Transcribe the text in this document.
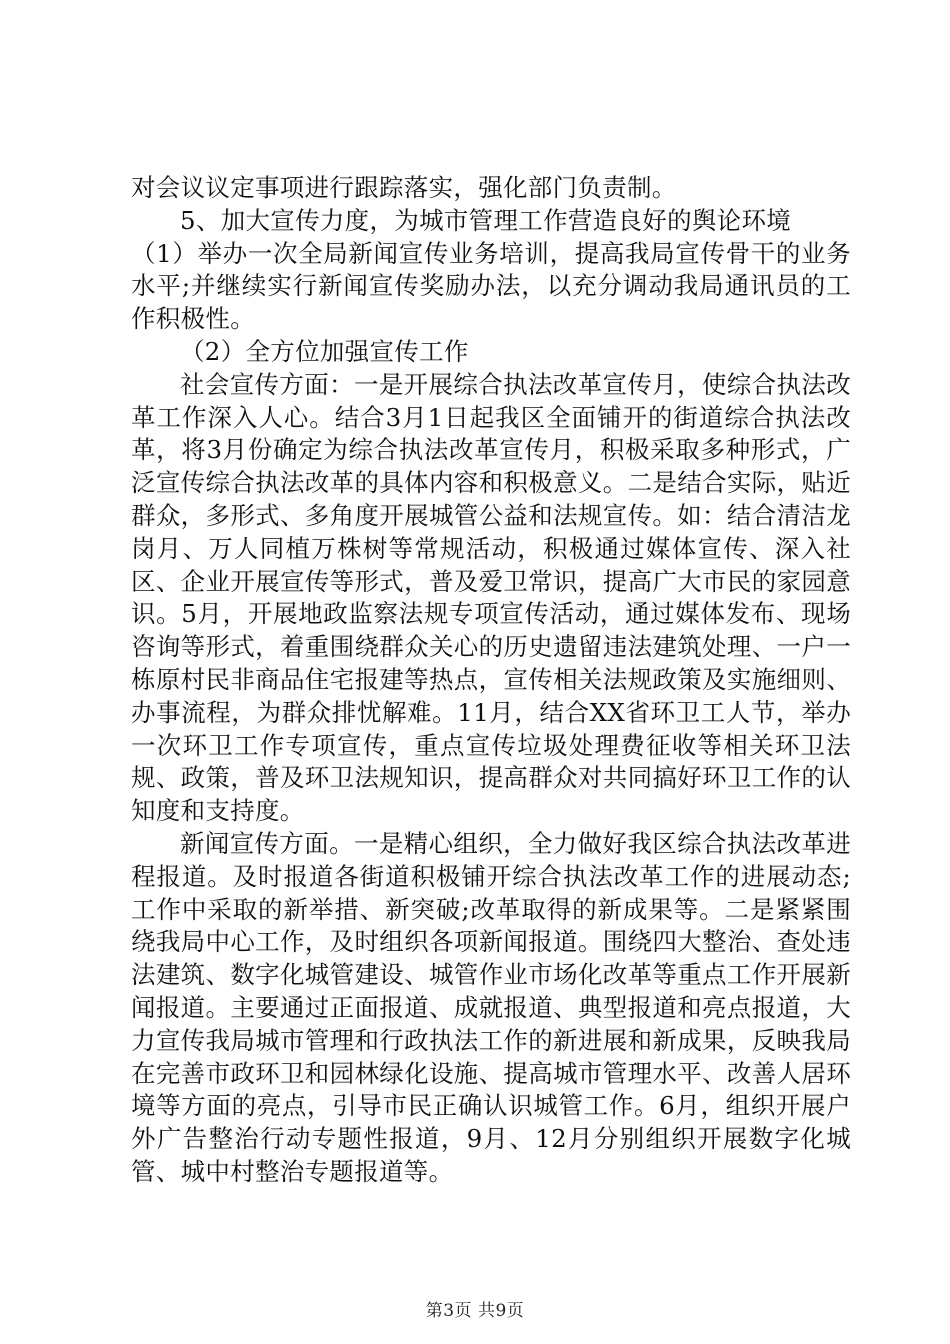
对会议议定事项进行跟踪落实，强化部门负责制。

5、加大宣传力度，为城市管理工作营造良好的舆论环境

（1）举办一次全局新闻宣传业务培训，提高我局宣传骨干的业务水平;并继续实行新闻宣传奖励办法，以充分调动我局通讯员的工作积极性。

（2）全方位加强宣传工作

社会宣传方面：一是开展综合执法改革宣传月，使综合执法改革工作深入人心。结合3月1日起我区全面铺开的街道综合执法改革，将3月份确定为综合执法改革宣传月，积极采取多种形式，广泛宣传综合执法改革的具体内容和积极意义。二是结合实际，贴近群众，多形式、多角度开展城管公益和法规宣传。如：结合清洁龙岗月、万人同植万株树等常规活动，积极通过媒体宣传、深入社区、企业开展宣传等形式，普及爱卫常识，提高广大市民的家园意识。5月，开展地政监察法规专项宣传活动，通过媒体发布、现场咨询等形式，着重围绕群众关心的历史遗留违法建筑处理、一户一栋原村民非商品住宅报建等热点，宣传相关法规政策及实施细则、办事流程，为群众排忧解难。11月，结合XX省环卫工人节，举办一次环卫工作专项宣传，重点宣传垃圾处理费征收等相关环卫法规、政策，普及环卫法规知识，提高群众对共同搞好环卫工作的认知度和支持度。

新闻宣传方面。一是精心组织，全力做好我区综合执法改革进程报道。及时报道各街道积极铺开综合执法改革工作的进展动态;工作中采取的新举措、新突破;改革取得的新成果等。二是紧紧围绕我局中心工作，及时组织各项新闻报道。围绕四大整治、查处违法建筑、数字化城管建设、城管作业市场化改革等重点工作开展新闻报道。主要通过正面报道、成就报道、典型报道和亮点报道，大力宣传我局城市管理和行政执法工作的新进展和新成果，反映我局在完善市政环卫和园林绿化设施、提高城市管理水平、改善人居环境等方面的亮点，引导市民正确认识城管工作。6月，组织开展户外广告整治行动专题性报道，9月、12月分别组织开展数字化城管、城中村整治专题报道等。

第3页 共9页
